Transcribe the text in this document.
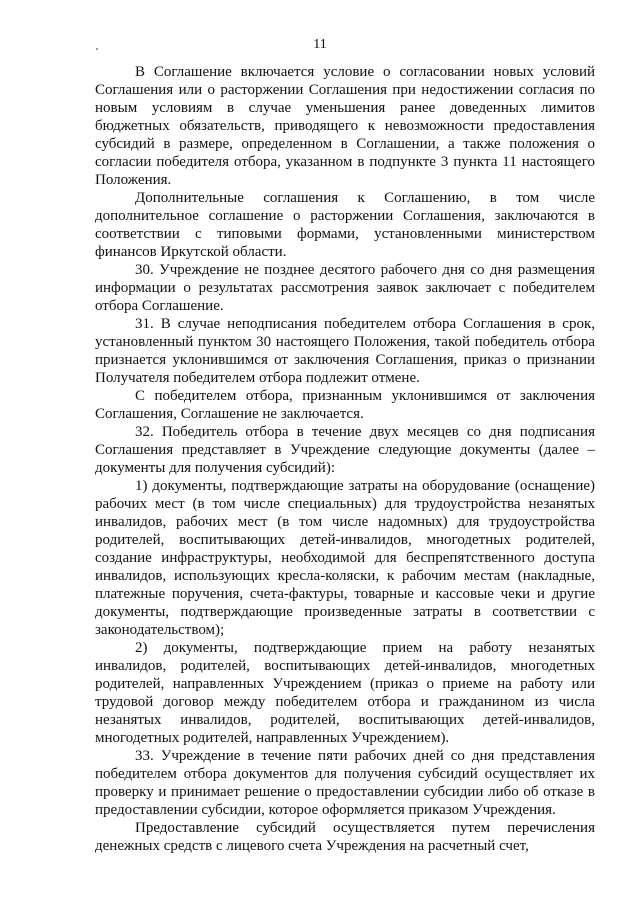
11

В Соглашение включается условие о согласовании новых условий Соглашения или о расторжении Соглашения при недостижении согласия по новым условиям в случае уменьшения ранее доведенных лимитов бюджетных обязательств, приводящего к невозможности предоставления субсидий в размере, определенном в Соглашении, а также положения о согласии победителя отбора, указанном в подпункте 3 пункта 11 настоящего Положения.

Дополнительные соглашения к Соглашению, в том числе дополнительное соглашение о расторжении Соглашения, заключаются в соответствии с типовыми формами, установленными министерством финансов Иркутской области.

30. Учреждение не позднее десятого рабочего дня со дня размещения информации о результатах рассмотрения заявок заключает с победителем отбора Соглашение.

31. В случае неподписания победителем отбора Соглашения в срок, установленный пунктом 30 настоящего Положения, такой победитель отбора признается уклонившимся от заключения Соглашения, приказ о признании Получателя победителем отбора подлежит отмене.

С победителем отбора, признанным уклонившимся от заключения Соглашения, Соглашение не заключается.

32. Победитель отбора в течение двух месяцев со дня подписания Соглашения представляет в Учреждение следующие документы (далее – документы для получения субсидий):

1) документы, подтверждающие затраты на оборудование (оснащение) рабочих мест (в том числе специальных) для трудоустройства незанятых инвалидов, рабочих мест (в том числе надомных) для трудоустройства родителей, воспитывающих детей-инвалидов, многодетных родителей, создание инфраструктуры, необходимой для беспрепятственного доступа инвалидов, использующих кресла-коляски, к рабочим местам (накладные, платежные поручения, счета-фактуры, товарные и кассовые чеки и другие документы, подтверждающие произведенные затраты в соответствии с законодательством);

2) документы, подтверждающие прием на работу незанятых инвалидов, родителей, воспитывающих детей-инвалидов, многодетных родителей, направленных Учреждением (приказ о приеме на работу или трудовой договор между победителем отбора и гражданином из числа незанятых инвалидов, родителей, воспитывающих детей-инвалидов, многодетных родителей, направленных Учреждением).

33. Учреждение в течение пяти рабочих дней со дня представления победителем отбора документов для получения субсидий осуществляет их проверку и принимает решение о предоставлении субсидии либо об отказе в предоставлении субсидии, которое оформляется приказом Учреждения.

Предоставление субсидий осуществляется путем перечисления денежных средств с лицевого счета Учреждения на расчетный счет,
